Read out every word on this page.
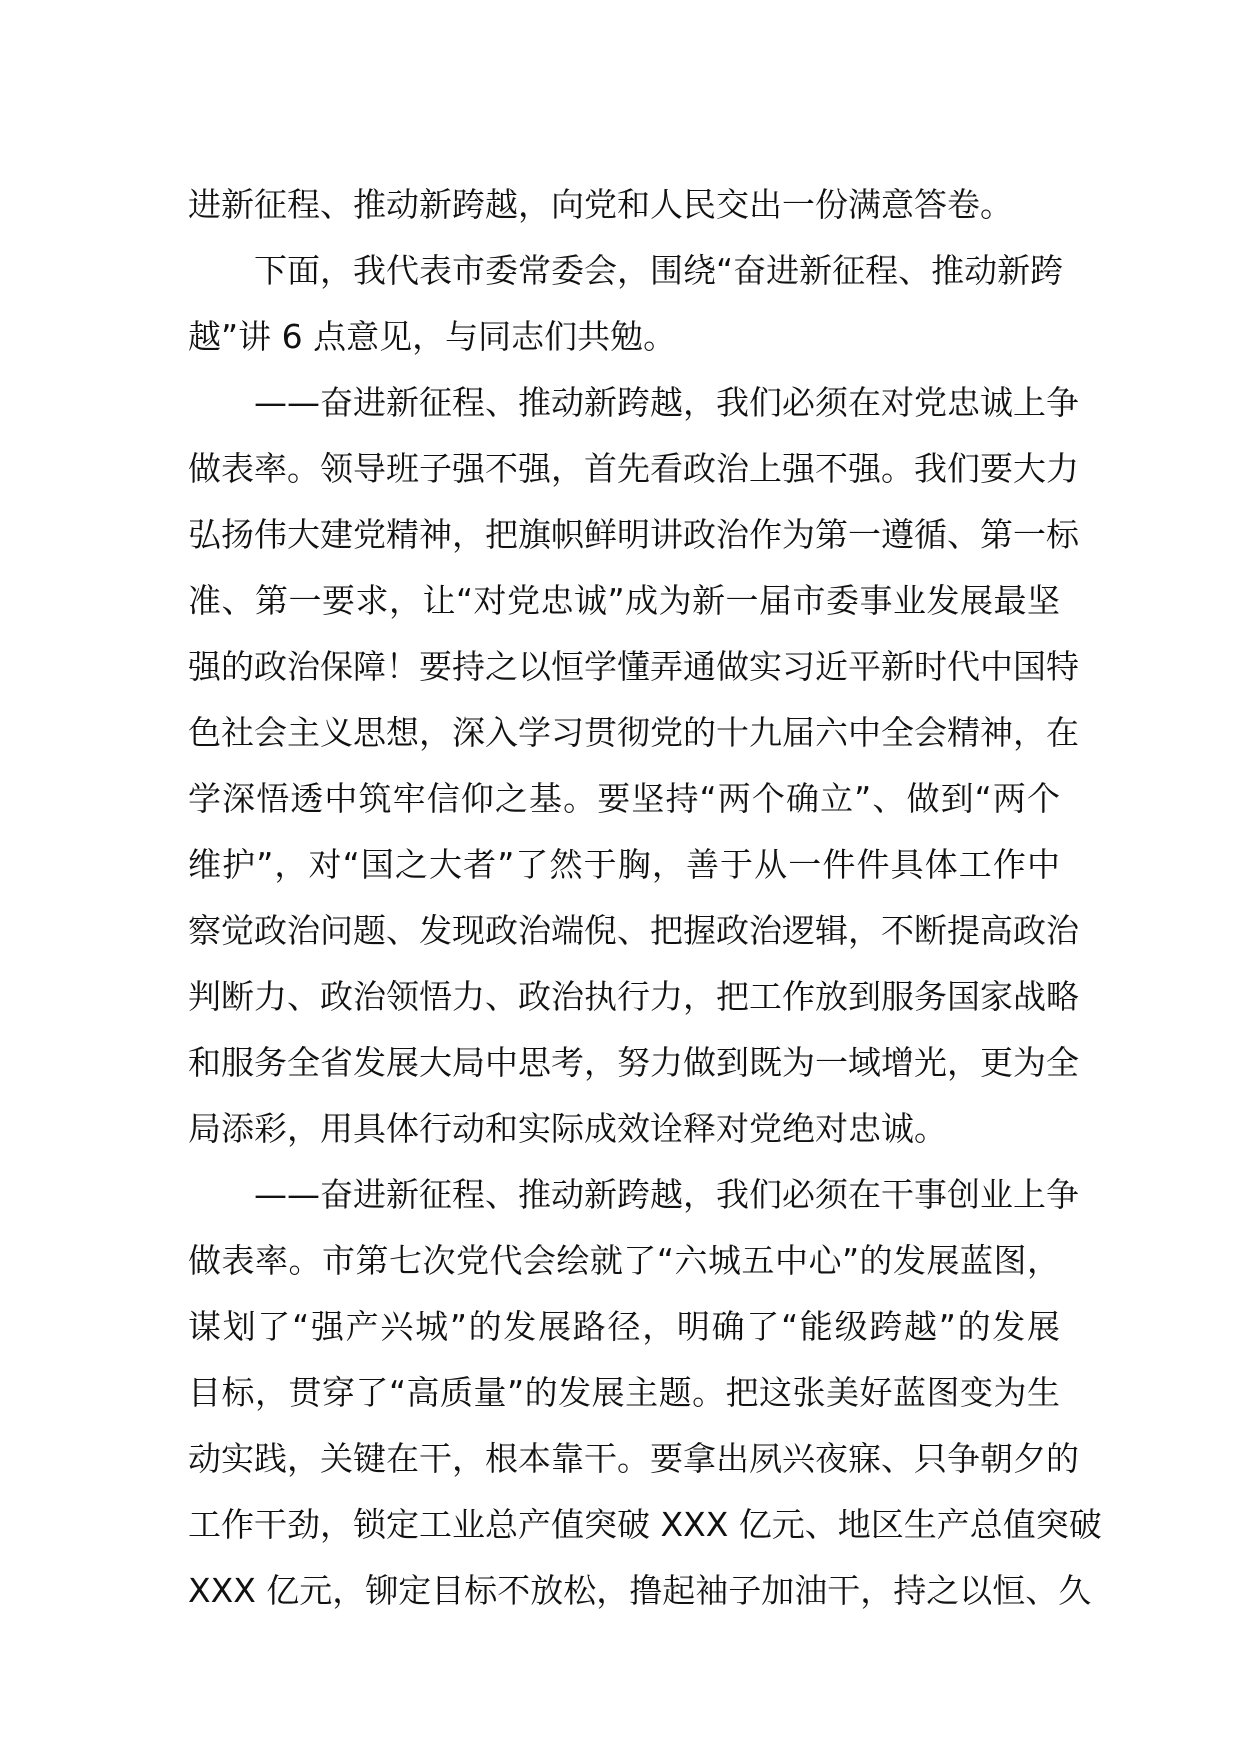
进新征程、推动新跨越，向党和人民交出一份满意答卷。
下面，我代表市委常委会，围绕“奋进新征程、推动新跨
越”讲 6 点意见，与同志们共勉。
——奋进新征程、推动新跨越，我们必须在对党忠诚上争
做表率。领导班子强不强，首先看政治上强不强。我们要大力
弘扬伟大建党精神，把旗帜鲜明讲政治作为第一遵循、第一标
准、第一要求，让“对党忠诚”成为新一届市委事业发展最坚
强的政治保障！要持之以恒学懂弄通做实习近平新时代中国特
色社会主义思想，深入学习贯彻党的十九届六中全会精神，在
学深悟透中筑牢信仰之基。要坚持“两个确立”、做到“两个
维护”，对“国之大者”了然于胸，善于从一件件具体工作中
察觉政治问题、发现政治端倪、把握政治逻辑，不断提高政治
判断力、政治领悟力、政治执行力，把工作放到服务国家战略
和服务全省发展大局中思考，努力做到既为一域增光，更为全
局添彩，用具体行动和实际成效诠释对党绝对忠诚。
——奋进新征程、推动新跨越，我们必须在干事创业上争
做表率。市第七次党代会绘就了“六城五中心”的发展蓝图，
谋划了“强产兴城”的发展路径，明确了“能级跨越”的发展
目标，贯穿了“高质量”的发展主题。把这张美好蓝图变为生
动实践，关键在干，根本靠干。要拿出夙兴夜寐、只争朝夕的
工作干劲，锁定工业总产值突破 XXX 亿元、地区生产总值突破
XXX 亿元，铆定目标不放松，撸起袖子加油干，持之以恒、久
